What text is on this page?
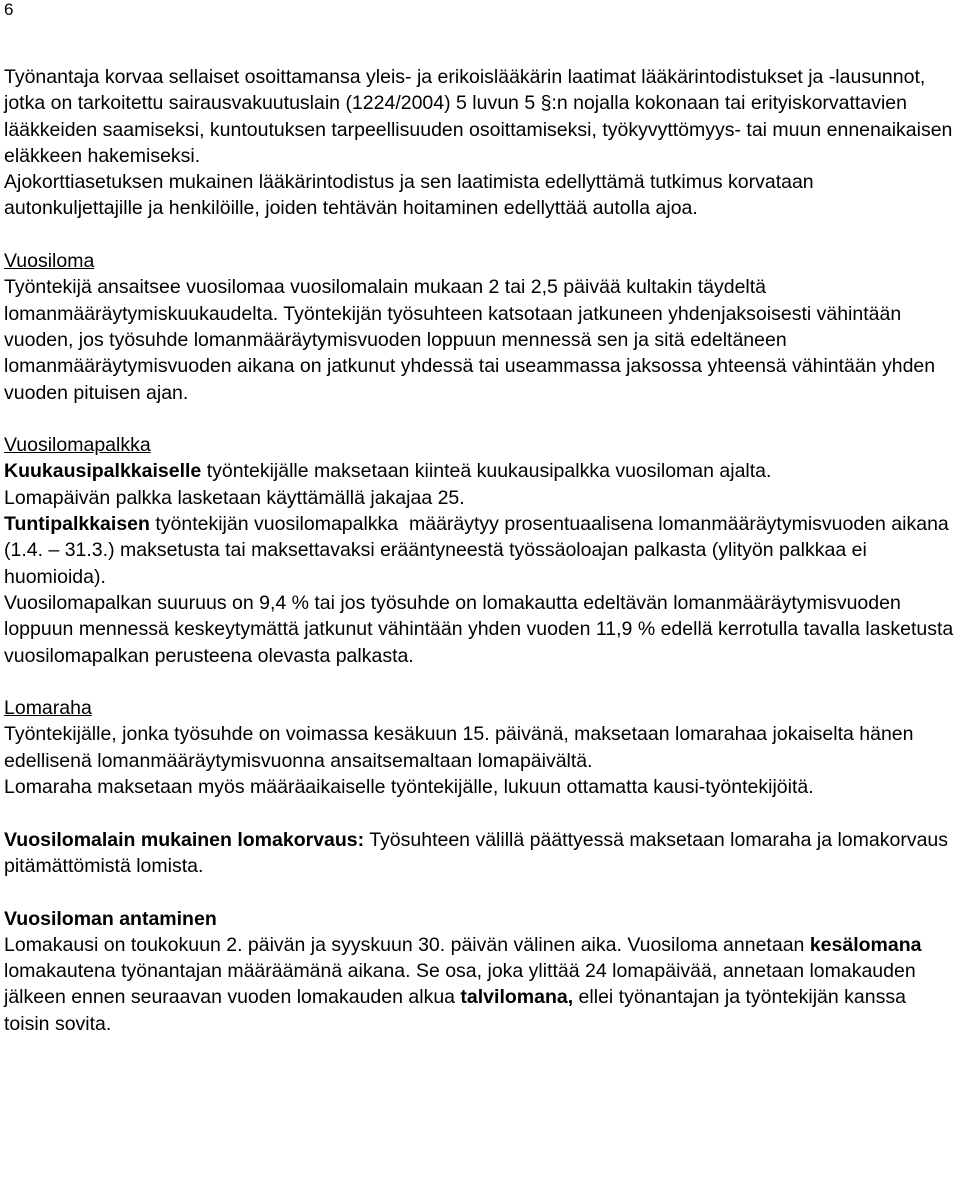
6

Työnantaja korvaa sellaiset osoittamansa yleis- ja erikoislääkärin laatimat lääkärintodistukset ja -lausunnot, jotka on tarkoitettu sairausvakuutuslain (1224/2004) 5 luvun 5 §:n nojalla kokonaan tai erityiskorvattavien lääkkeiden saamiseksi, kuntoutuksen tarpeellisuuden osoittamiseksi, työkyvyttömyys- tai muun ennenaikaisen eläkkeen hakemiseksi.

Ajokorttiasetuksen mukainen lääkärintodistus ja sen laatimista edellyttämä tutkimus korvataan autonkuljettajille ja henkilöille, joiden tehtävän hoitaminen edellyttää autolla ajoa.

Vuosiloma

Työntekijä ansaitsee vuosilomaa vuosilomalain mukaan 2 tai 2,5 päivää kultakin täydeltä lomanmääräytymiskuukaudelta. Työntekijän työsuhteen katsotaan jatkuneen yhdenjaksoisesti vähintään vuoden, jos työsuhde lomanmääräytymisvuoden loppuun mennessä sen ja sitä edeltäneen lomanmääräytymisvuoden aikana on jatkunut yhdessä tai useammassa jaksossa yhteensä vähintään yhden vuoden pituisen ajan.

Vuosilomapalkka

Kuukausipalkkaiselle työntekijälle maksetaan kiinteä kuukausipalkka vuosiloman ajalta.

Lomapäivän palkka lasketaan käyttämällä jakajaa 25.

Tuntipalkkaisen työntekijän vuosilomapalkka  määräytyy prosentuaalisena lomanmääräytymisvuoden aikana (1.4. – 31.3.) maksetusta tai maksettavaksi erääntyneestä työssäoloajan palkasta (ylityön palkkaa ei huomioida).

Vuosilomapalkan suuruus on 9,4 % tai jos työsuhde on lomakautta edeltävän lomanmääräytymisvuoden loppuun mennessä keskeytymättä jatkunut vähintään yhden vuoden 11,9 % edellä kerrotulla tavalla lasketusta vuosilomapalkan perusteena olevasta palkasta.

Lomaraha

Työntekijälle, jonka työsuhde on voimassa kesäkuun 15. päivänä, maksetaan lomarahaa jokaiselta hänen edellisenä lomanmääräytymisvuonna ansaitsemaltaan lomapäivältä.

Lomaraha maksetaan myös määräaikaiselle työntekijälle, lukuun ottamatta kausi-työntekijöitä.

Vuosilomalain mukainen lomakorvaus: Työsuhteen välillä päättyessä maksetaan lomaraha ja lomakorvaus pitämättömistä lomista.

Vuosiloman antaminen

Lomakausi on toukokuun 2. päivän ja syyskuun 30. päivän välinen aika. Vuosiloma annetaan kesälomana lomakautena työnantajan määräämänä aikana. Se osa, joka ylittää 24 lomapäivää, annetaan lomakauden jälkeen ennen seuraavan vuoden lomakauden alkua talvilomana, ellei työnantajan ja työntekijän kanssa toisin sovita.
